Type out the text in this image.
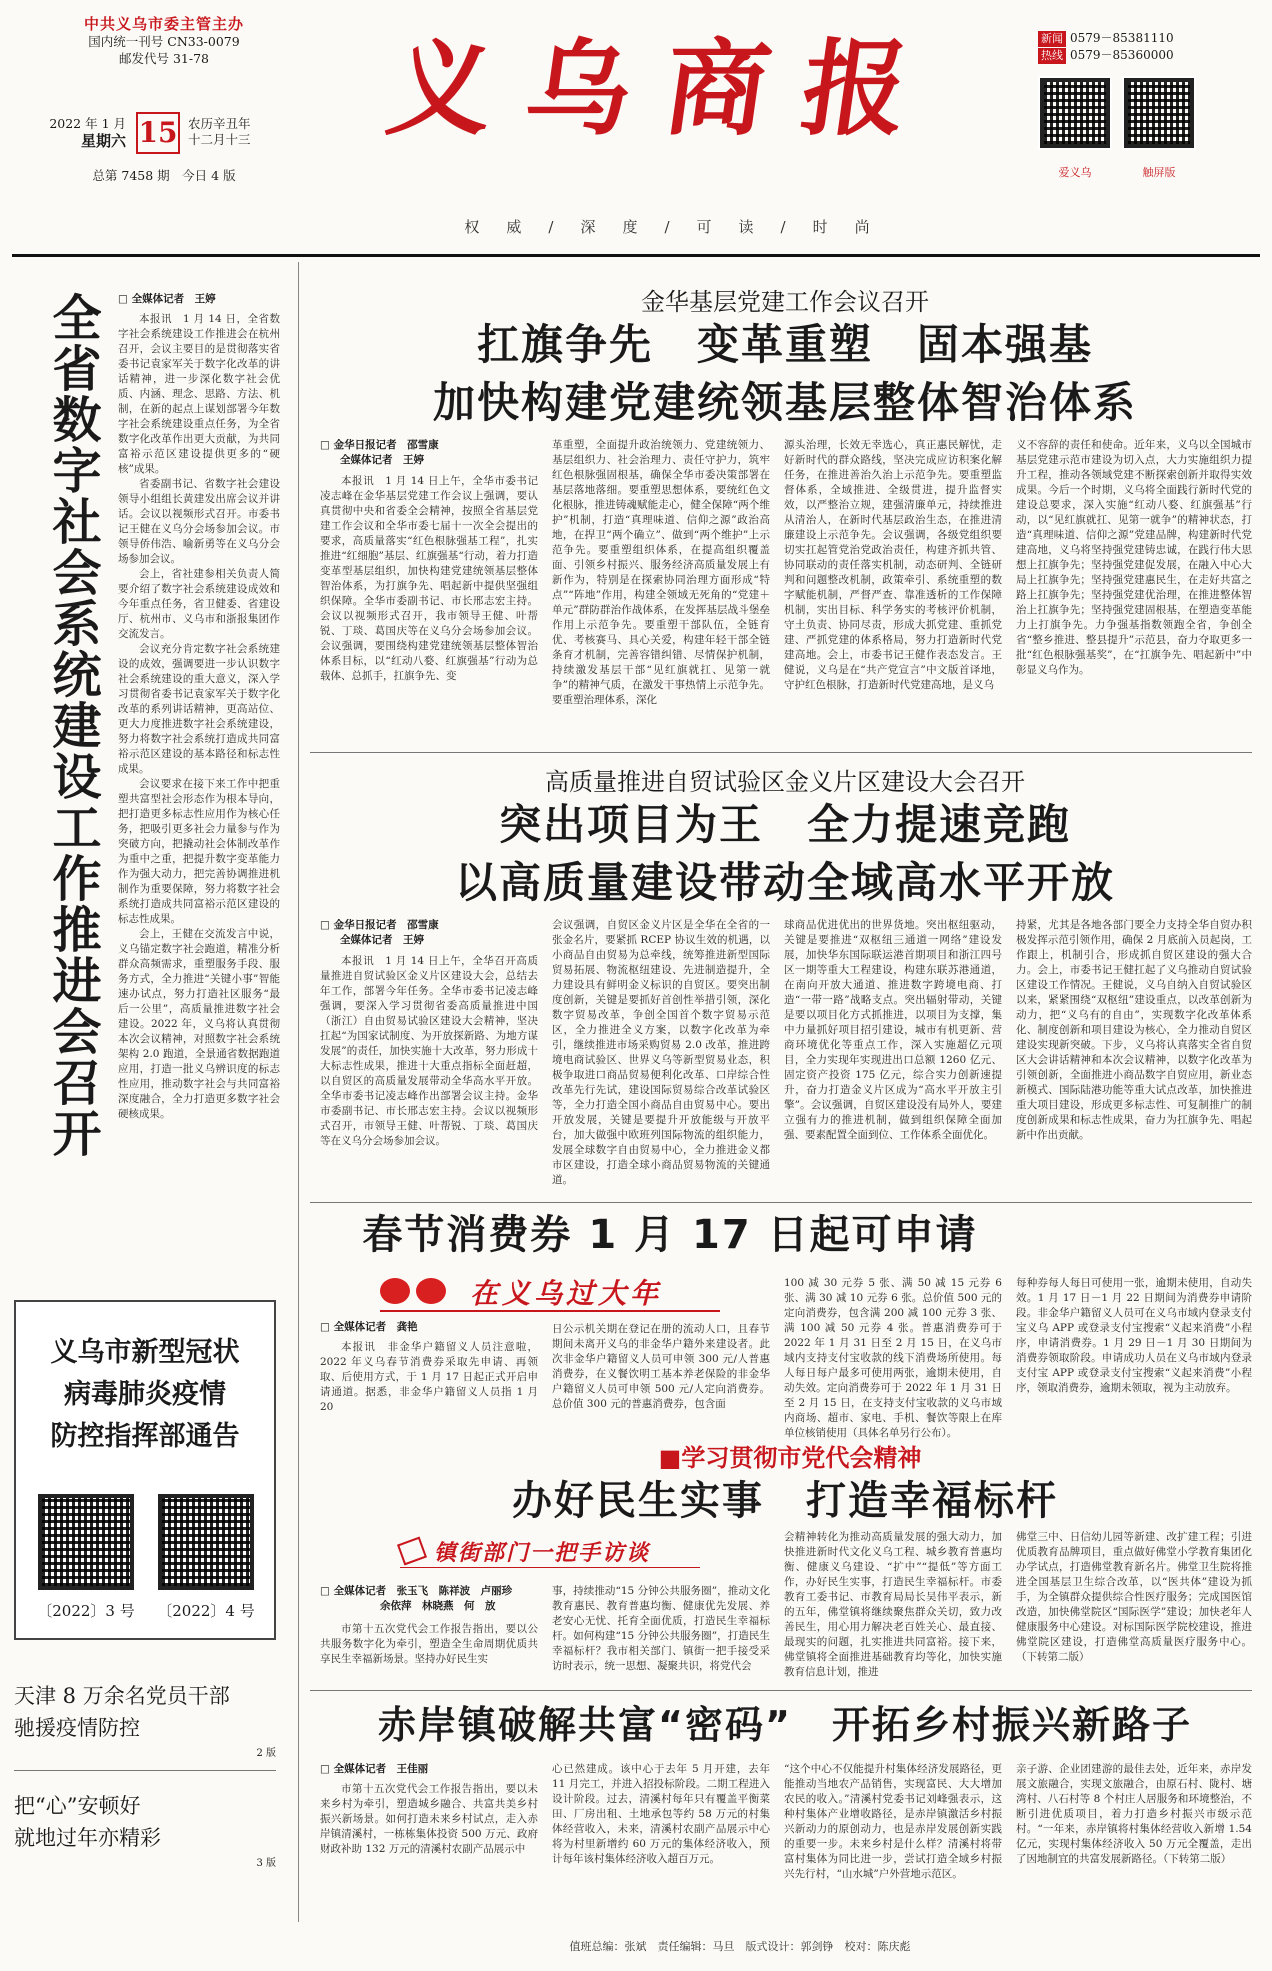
中共义乌市委主管主办
国内统一刊号 CN33-0079
邮发代号 31-78
2022 年 1 月
星期六 15 农历辛丑年
十二月十三
总第 7458 期　今日 4 版
义乌商报
权　威　/　深　度　/　可　读　/　时　尚
新闻 0579－85381110
热线 0579－85360000
爱义乌	触屏版
全省数字社会系统建设工作推进会召开 □ 全媒体记者　王婷

本报讯　1 月 14 日，全省数字社会系统建设工作推进会在杭州召开，会议主要目的是贯彻落实省委书记袁家军关于数字化改革的讲话精神，进一步深化数字社会优质、内涵、理念、思路、方法、机制，在新的起点上谋划部署今年数字社会系统建设重点任务，为全省数字化改革作出更大贡献，为共同富裕示范区建设提供更多的“硬核”成果。

省委副书记、省数字社会建设领导小组组长黄建发出席会议并讲话。会议以视频形式召开。市委书记王健在义乌分会场参加会议。市领导侨伟浩、喻新勇等在义乌分会场参加会议。

会上，省社建参相关负责人简要介绍了数字社会系统建设成效和今年重点任务，省卫健委、省建设厅、杭州市、义乌市和浙报集团作交流发言。

会议充分肯定数字社会系统建设的成效，强调要进一步认识数字社会系统建设的重大意义，深入学习贯彻省委书记袁家军关于数字化改革的系列讲话精神，更高站位、更大力度推进数字社会系统建设，努力将数字社会系统打造成共同富裕示范区建设的基本路径和标志性成果。

会议要求在接下来工作中把重塑共富型社会形态作为根本导向，把打造更多标志性应用作为核心任务，把吸引更多社会力量参与作为突破方向，把撬动社会体制改革作为重中之重，把提升数字变革能力作为强大动力，把完善协调推进机制作为重要保障，努力将数字社会系统打造成共同富裕示范区建设的标志性成果。

会上，王健在交流发言中说，义乌锚定数字社会跑道，精准分析群众高频需求，重塑服务手段、服务方式，全力推进“关键小事”智能速办试点，努力打造社区服务“最后一公里”，高质量推进数字社会建设。2022 年，义乌将认真贯彻本次会议精神，对照数字社会系统架构 2.0 跑道，全景通省数据跑道应用，打造一批义乌辨识度的标志性应用，推动数字社会与共同富裕深度融合，全力打造更多数字社会硬核成果。

义乌市新型冠状
病毒肺炎疫情
防控指挥部通告
〔2022〕3 号	〔2022〕4 号
天津 8 万余名党员干部
驰援疫情防控
2 版
把“心”安顿好
就地过年亦精彩
3 版
金华基层党建工作会议召开
扛旗争先　变革重塑　固本强基
加快构建党建统领基层整体智治体系
□ 金华日报记者　邵雪康
全媒体记者　王婷

本报讯　1 月 14 日上午，全华市委书记凌志峰在金华基层党建工作会议上强调，要认真贯彻中央和省委全会精神，按照全省基层党建工作会议和全华市委七届十一次全会提出的要求，高质量落实“红色根脉强基工程”，扎实推进“红细胞”基层、红旗强基“行动，着力打造变革型基层组织，加快构建党建统领基层整体智治体系，为打旗争先、唱起新中提供坚强组织保障。全华市委副书记、市长邢志宏主持。会议以视频形式召开，我市领导王健、叶帮锐、丁琰、葛国庆等在义乌分会场参加会议。会议强调，要围绕构建党建统领基层整体智治体系目标，以“红动八婺、红旗强基”行动为总载体、总抓手，扛旗争先、变

革重塑，全面提升政治统领力、党建统领力、基层组织力、社会治理力、责任守护力，筑牢红色根脉强固根基，确保全华市委决策部署在基层落地落细。要重塑思想体系，要统红色文化根脉，推进铸魂赋能走心，健全保障“两个维护”机制，打造“真理味道、信仰之源”政治高地，在捍卫“两个确立”、做到“两个维护”上示范争先。要重塑组织体系，在提高组织覆盖面、引领乡村振兴、服务经济高质量发展上有新作为，特别是在探索协同治理方面形成“特点”“阵地”作用，构建全领域无死角的“党建＋单元”群防群治作战体系，在发挥基层战斗堡垒作用上示范争先。要重塑干部队伍，全链育优、考核赛马、具心关爱，构建年轻干部全链条育才机制，完善容错纠错、尽情保护机制，持续激发基层干部“见红旗就扛、见第一就争”的精神气质，在激发干事热情上示范争先。要重塑治理体系，深化

源头治理，长效无幸选心，真正惠民解忧，走好新时代的群众路线，坚决完成应访积案化解任务，在推进善治久治上示范争先。要重塑监督体系，全域推进、全级贯进，提升监督实效，以严整治立规，建强清廉单元，持续推进从清治人，在新时代基层政治生态，在推进清廉建设上示范争先。会议强调，各级党组织要切实扛起管党治党政治责任，构建齐抓共管、协同联动的责任落实机制，动态研判、全链研判和问题整改机制，政策牵引、系统重塑的数字赋能机制，严督严查、靠准透析的工作保障机制，实出目标、科学务实的考核评价机制，守土负责、协同尽责，形成大抓党建、重抓党建、严抓党建的体系格局，努力打造新时代党建高地。会上，市委书记王健作表态发言。王健说，义乌是在“共产党宣言”中文版首译地，守护红色根脉，打造新时代党建高地，是义乌

义不容辞的责任和使命。近年来，义乌以全国城市基层党建示范市建设为切入点，大力实施组织力提升工程，推动各领域党建不断探索创新并取得实效成果。今后一个时期，义乌将全面践行新时代党的建设总要求，深入实施“红动八婺、红旗强基”行动，以“见红旗就扛、见第一就争”的精神状态，打造“真理味道、信仰之源”党建品牌，构建新时代党建高地，义乌将坚持强党建铸忠诚，在践行伟大思想上扛旗争先；坚持强党建促发展，在融入中心大局上扛旗争先；坚持强党建惠民生，在走好共富之路上扛旗争先；坚持强党建优治理，在推进整体智治上扛旗争先；坚持强党建固根基，在塑造变革能力上打旗争先。力争强基指数领跑全省，争创全省“整乡推进、整县提升”示范县，奋力夺取更多一批“红色根脉强基奖”，在“扛旗争先、唱起新中”中彰显义乌作为。

高质量推进自贸试验区金义片区建设大会召开
突出项目为王　全力提速竞跑
以高质量建设带动全域高水平开放
□ 金华日报记者　邵雪康
全媒体记者　王婷

本报讯　1 月 14 日上午，全华召开高质量推进自贸试验区金义片区建设大会，总结去年工作，部署今年任务。全华市委书记凌志峰强调，要深入学习贯彻省委高质量推进中国（浙江）自由贸易试验区建设大会精神，坚决扛起“为国家试制度、为开放探新路、为地方谋发展”的责任，加快实施十大改革，努力形成十大标志性成果，推进十大重点指标全面赶超，以自贸区的高质量发展带动全华高水平开放。全华市委书记凌志峰作出部署会议主持。金华市委副书记、市长邢志宏主持。会议以视频形式召开，市领导王健、叶帮锐、丁琰、葛国庆等在义乌分会场参加会议。

会议强调，自贸区金义片区是全华在全省的一张金名片，要紧抓 RCEP 协议生效的机遇，以小商品自由贸易为总牵线，统筹推进新型国际贸易拓展、物流枢纽建设、先进制造提升，全力建设具有鲜明金义标识的自贸区。要突出制度创新，关键是要抓好首创性举措引领，深化数字贸易改革，争创全国首个数字贸易示范区，全力推进全义方案，以数字化改革为牵引，继续推进市场采购贸易 2.0 改革，推进跨境电商试验区、世界义乌等新型贸易业态，积极争取进口商品贸易便利化改革、口岸综合性改革先行先试，建设国际贸易综合改革试验区等，全力打造全国小商品自由贸易中心。要出开放发展，关键是要提升开放能级与开放平台，加大做强中欧班列国际物流的组织能力，发展全球数字自由贸易中心，全力推进金义都市区建设，打造全球小商品贸易物流的关键通道。

球商品优进优出的世界货地。突出枢纽驱动，关键是要推进“双枢纽三通道一网络”建设发展，加快华东国际联运港首期项目和浙江四号区一期等重大工程建设，构建东联苏港通道，在南向开放大通道、推进数字跨境电商、打造“一带一路”战略支点。突出辐射带动，关键是要以项目化方式抓推进，以项目为支撑，集中力量抓好项目招引建设，城市有机更新、营商环境优化等重点工作，深入实施超亿元项目，全力实现年实现进出口总额 1260 亿元、固定资产投资 175 亿元，综合实力创新速提升，奋力打造金义片区成为“高水平开放主引擎”。会议强调，自贸区建设没有局外人，要建立强有力的推进机制，做到组织保障全面加强、要素配置全面到位、工作体系全面优化。

持紧，尤其是各地各部门要全力支持全华自贸办积极发挥示范引领作用，确保 2 月底前入员起岗，工作跟上，机制引合，形成抓自贸区建设的强大合力。会上，市委书记王健扛起了义乌推动自贸试验区建设工作情况。王健说，义乌自纳入自贸试验区以来，紧紧围绕“双枢纽”建设重点，以改革创新为动力，把“义乌有的自由”，实现数字化改革体系化、制度创新和项目建设为核心，全力推动自贸区建设实现新突破。下步，义乌将认真落实全省自贸区大会讲话精神和本次会议精神，以数字化改革为引领创新，全面推进小商品数字自贸应用，新业态新模式、国际陆港功能等重大试点改革，加快推进重大项目建设，形成更多标志性、可复制推广的制度创新成果和标志性成果，奋力为扛旗争先、唱起新中作出贡献。

春节消费券 1 月 17 日起可申请
在义乌过大年
□ 全媒体记者　龚艳

本报讯　非金华户籍留义人员注意啦，2022 年义乌春节消费券采取先申请、再领取、后使用方式，于 1 月 17 日起正式开启申请通道。据悉，非金华户籍留义人员指 1 月 20

日公示机关期在登记在册的流动人口，且春节期间未离开义乌的非金华户籍外来建设者。此次非金华户籍留义人员可申领 300 元/人普惠消费券，在义餐饮明工基本养老保险的非金华户籍留义人员可申领 500 元/人定向消费券。总价值 300 元的普惠消费券，包含面

100 减 30 元券 5 张、满 50 减 15 元券 6 张、满 30 减 10 元券 6 张。总价值 500 元的定向消费券，包含满 200 减 100 元券 3 张、满 100 减 50 元券 4 张。普惠消费券可于 2022 年 1 月 31 日至 2 月 15 日，在义乌市域内支持支付宝收款的线下消费场所使用。每人每日每户最多可使用两张，逾期未使用，自动失效。定向消费券可于 2022 年 1 月 31 日至 2 月 15 日，在支持支付宝收款的义乌市域内商场、超市、家电、手机、餐饮等限上在库单位核销使用（具体名单另行公布）。

每种券每人每日可使用一张，逾期未使用，自动失效。1 月 17 日－1 月 22 日期间为消费券申请阶段。非金华户籍留义人员可在义乌市域内登录支付宝义乌 APP 或登录支付宝搜索“义起来消费”小程序，申请消费券。1 月 29 日－1 月 30 日期间为消费券领取阶段。申请成功人员在义乌市域内登录支付宝 APP 或登录支付宝搜索“义起来消费”小程序，领取消费券，逾期未领取，视为主动放弃。

■学习贯彻市党代会精神
办好民生实事　打造幸福标杆
镇街部门一把手访谈
□ 全媒体记者　张玉飞　陈祥波　卢丽珍
余依萍　林晓燕　何　放

市第十五次党代会工作报告指出，要以公共服务数字化为牵引，塑造全生命周期优质共享民生幸福新场景。坚持办好民生实

事，持续推动“15 分钟公共服务圈”，推动文化教育惠民、教育普惠均衡、健康优先发展、养老安心无忧、托育全面优质，打造民生幸福标杆。如何构建“15 分钟公共服务圈”，打造民生幸福标杆？我市相关部门、镇街一把手接受采访时表示，统一思想、凝聚共识，将党代会

会精神转化为推动高质量发展的强大动力，加快推进新时代文化义乌工程、城乡教育普惠均衡、健康义乌建设、“扩中”“提低”等方面工作，办好民生实事，打造民生幸福标杆。市委教育工委书记、市教育局局长吴伟平表示，新的五年，佛堂镇将继续聚焦群众关切，致力改善民生，用心用力解决老百姓关心、最直接、最现实的问题，扎实推进共同富裕。接下来，佛堂镇将全面推进基础教育均等化，加快实施教育信息计划，推进

佛堂三中、日信幼儿园等新建、改扩建工程；引进优质教育品牌项目，重点做好佛堂小学教育集团化办学试点，打造佛堂教育新名片。佛堂卫生院将推进全国基层卫生综合改革，以“医共体”建设为抓手，为全镇群众提供综合性医疗服务；完成国医馆改造，加快佛堂院区“国际医学”建设；加快老年人健康服务中心建设。对标国际医学院校建设，推进佛堂院区建设，打造佛堂高质量医疗服务中心。（下转第二版）

赤岸镇破解共富“密码”　开拓乡村振兴新路子
□ 全媒体记者　王佳丽

市第十五次党代会工作报告指出，要以未来乡村为牵引，塑造城乡融合、共富共美乡村振兴新场景。如何打造未来乡村试点，走入赤岸镇清溪村，一栋栋集体投资 500 万元、政府财政补助 132 万元的清溪村农副产品展示中

心已然建成。该中心于去年 5 月开建，去年 11 月完工，并进入招投标阶段。二期工程进入设计阶段。过去，清溪村每年只有覆盖平衡菜田、厂房出租、土地承包等约 58 万元的村集体经营收入，未来，清溪村农副产品展示中心将为村里新增约 60 万元的集体经济收入，预计每年该村集体经济收入超百万元。

“这个中心不仅能提升村集体经济发展路径，更能推动当地农产品销售，实现富民、大大增加农民的收入。”清溪村党委书记刘峰强表示，这种村集体产业增收路径，是赤岸镇激活乡村振兴新动力的原创动力，也是赤岸发展创新实践的重要一步。未来乡村是什么样？清溪村将带富村集体为同比进一步，尝试打造全域乡村振兴先行村，“山水城”户外营地示范区。

亲子游、企业团建游的最佳去处，近年来，赤岸发展文旅融合，实现文旅融合，由原石村、陇村、塘湾村、八石村等 8 个村庄人居服务和环境整治，不断引进优质项目，着力打造乡村振兴市级示范村。“一年来，赤岸镇将村集体经营收入新增 1.54 亿元，实现村集体经济收入 50 万元全覆盖，走出了因地制宜的共富发展新路径。（下转第二版）

值班总编：张斌　责任编辑：马旦　版式设计：郭剑铮　校对：陈庆彪
